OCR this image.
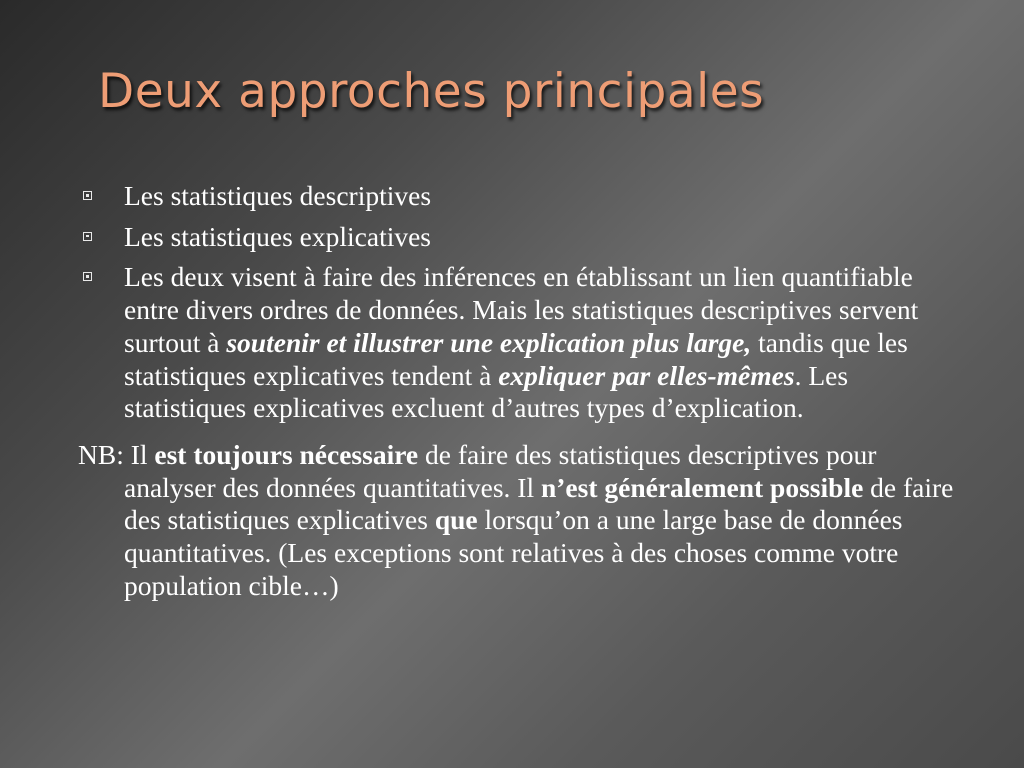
Deux approches principales
Les statistiques descriptives
Les statistiques explicatives
Les deux visent à faire des inférences en établissant un lien quantifiable entre divers ordres de données. Mais les statistiques descriptives servent surtout à soutenir et illustrer une explication plus large, tandis que les statistiques explicatives tendent à expliquer par elles-mêmes. Les statistiques explicatives excluent d’autres types d’explication.
NB: Il est toujours nécessaire de faire des statistiques descriptives pour analyser des données quantitatives. Il n’est généralement possible de faire des statistiques explicatives que lorsqu’on a une large base de données quantitatives. (Les exceptions sont relatives à des choses comme votre population cible…)
